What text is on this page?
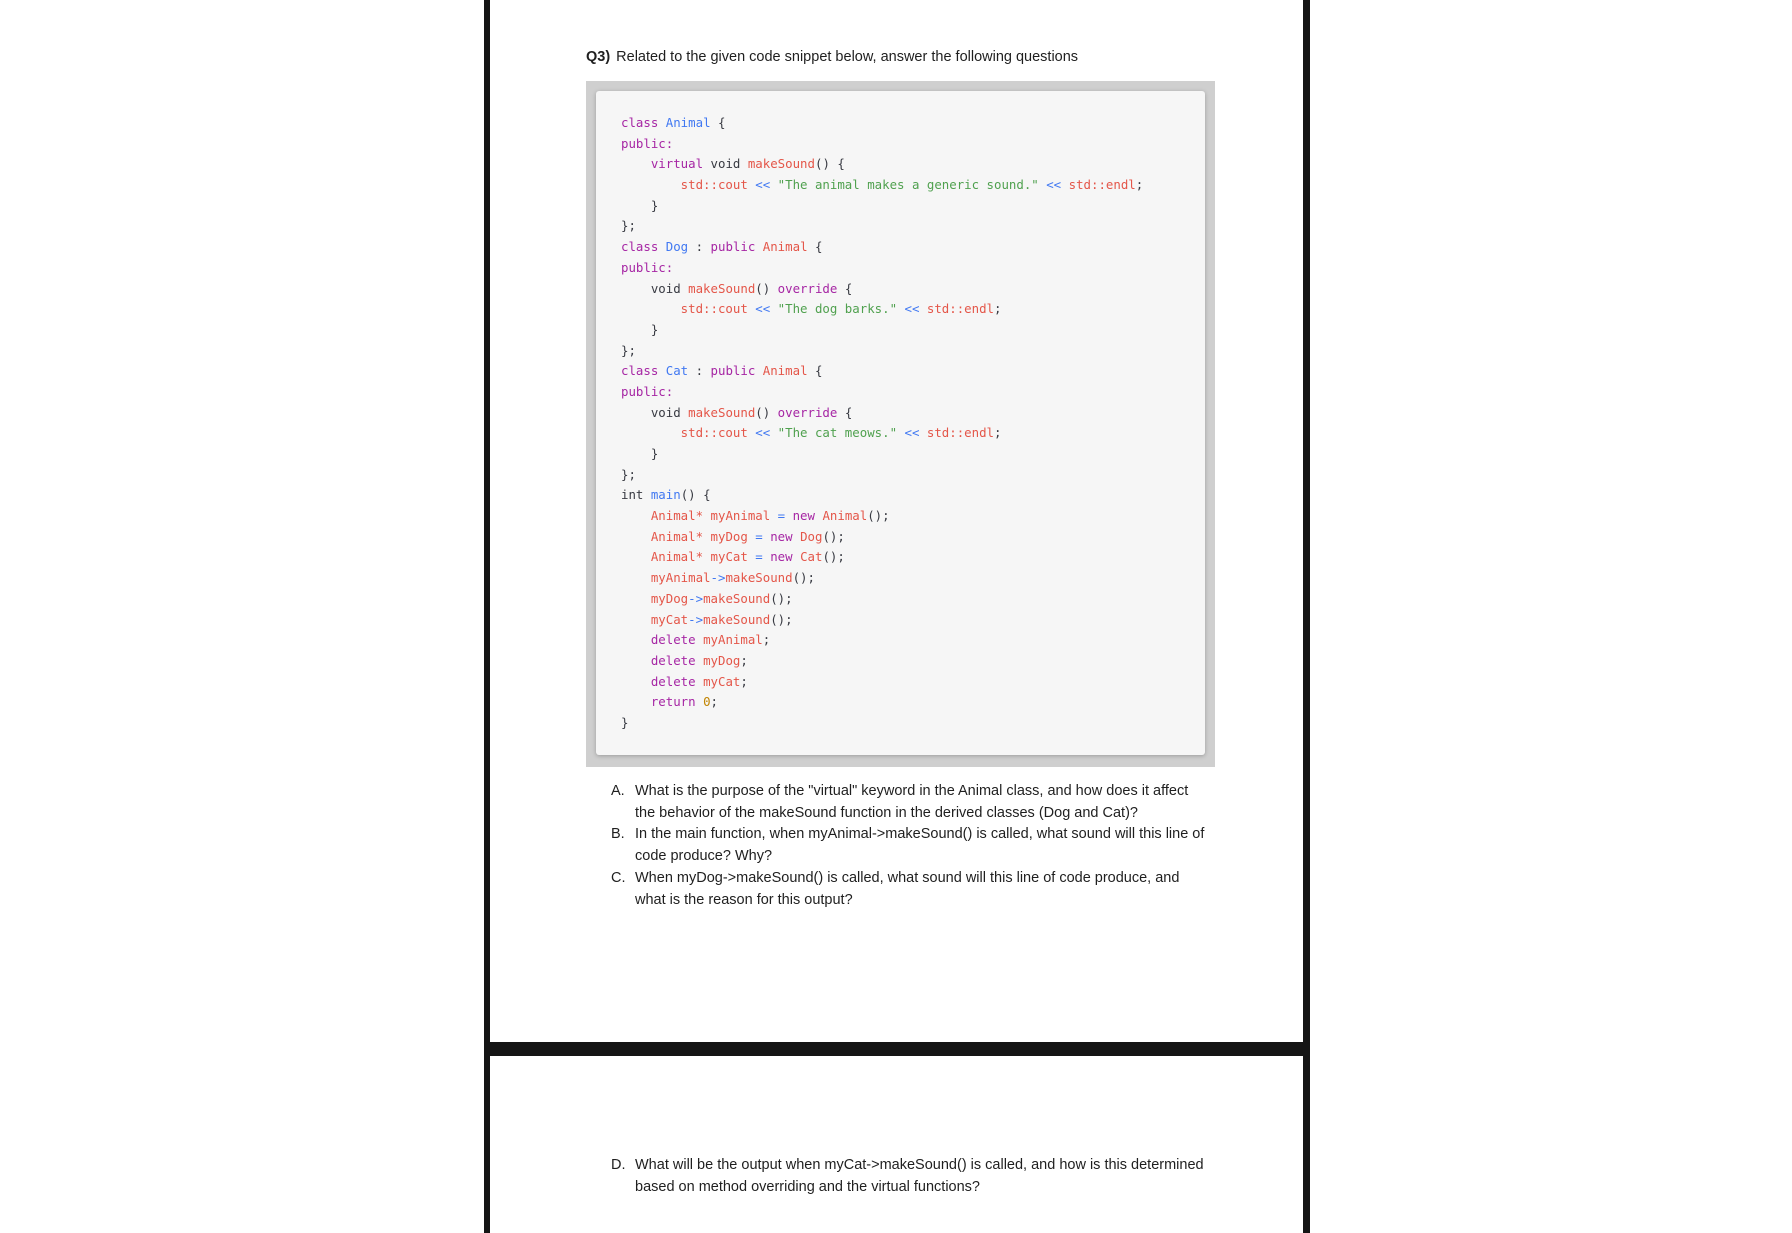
Q3) Related to the given code snippet below, answer the following questions
class Animal {
public:
virtual void makeSound() {
std::cout << "The animal makes a generic sound." << std::endl;
}
};
class Dog : public Animal {
public:
void makeSound() override {
std::cout << "The dog barks." << std::endl;
}
};
class Cat : public Animal {
public:
void makeSound() override {
std::cout << "The cat meows." << std::endl;
}
};
int main() {
Animal* myAnimal = new Animal();
Animal* myDog = new Dog();
Animal* myCat = new Cat();
myAnimal->makeSound();
myDog->makeSound();
myCat->makeSound();
delete myAnimal;
delete myDog;
delete myCat;
return 0;
}
A. What is the purpose of the "virtual" keyword in the Animal class, and how does it affect the behavior of the makeSound function in the derived classes (Dog and Cat)?
B. In the main function, when myAnimal->makeSound() is called, what sound will this line of code produce? Why?
C. When myDog->makeSound() is called, what sound will this line of code produce, and what is the reason for this output?
D. What will be the output when myCat->makeSound() is called, and how is this determined based on method overriding and the virtual functions?
